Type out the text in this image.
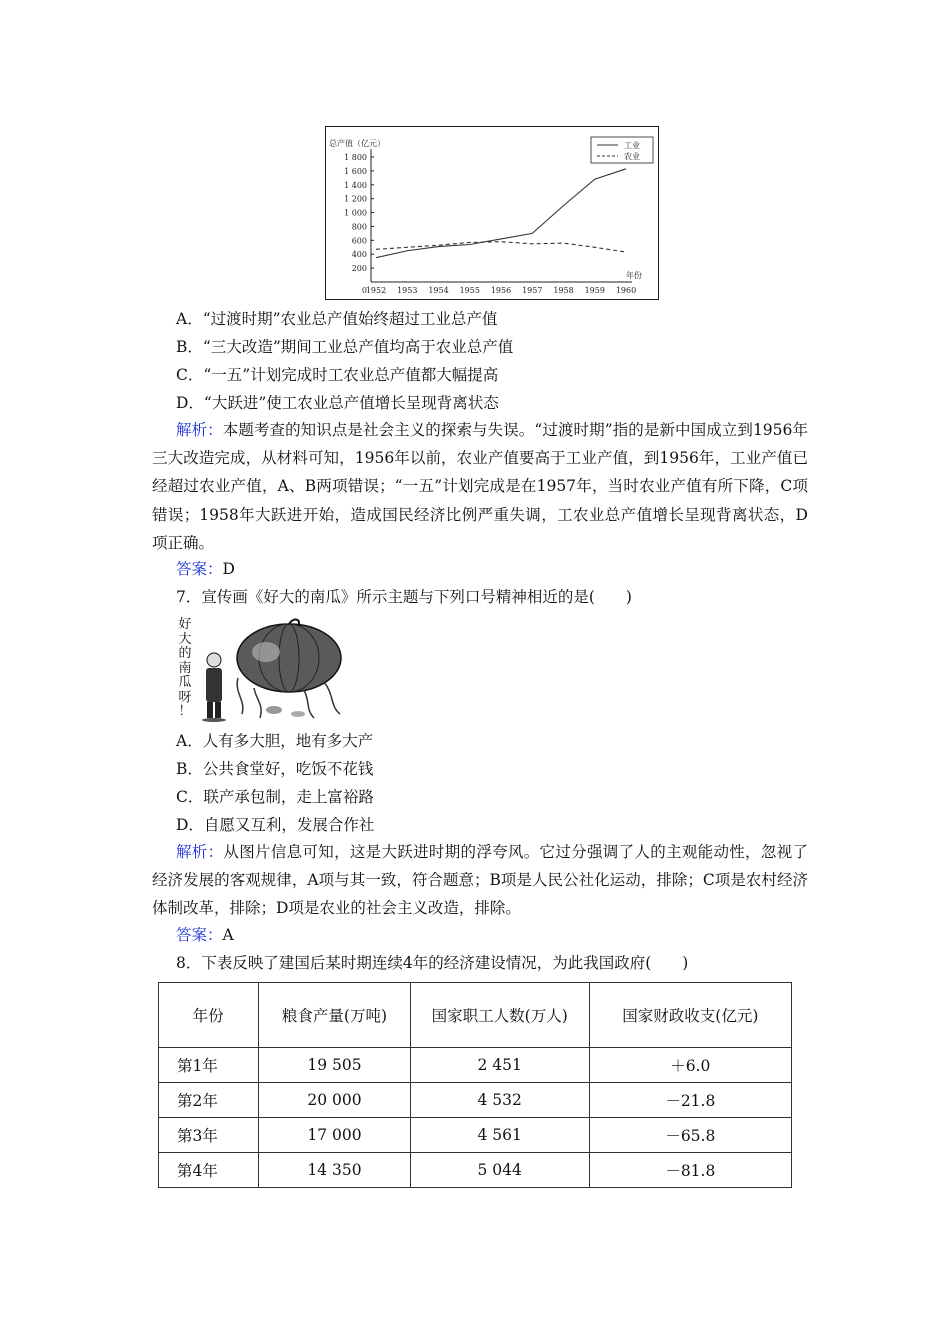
总产值（亿元）
1 800
1 600
1 400
1 200
1 000
800
600
400
200
0
1952 1953 1954 1955 1956 1957 1958 1959 1960
年份
工业
农业
A．“过渡时期”农业总产值始终超过工业总产值
B．“三大改造”期间工业总产值均高于农业总产值
C．“一五”计划完成时工农业总产值都大幅提高
D．“大跃进”使工农业总产值增长呈现背离状态
解析：本题考查的知识点是社会主义的探索与失误。“过渡时期”指的是新中国成立到1956年三大改造完成，从材料可知，1956年以前，农业产值要高于工业产值，到1956年，工业产值已经超过农业产值，A、B两项错误；“一五”计划完成是在1957年，当时农业产值有所下降，C项错误；1958年大跃进开始，造成国民经济比例严重失调，工农业总产值增长呈现背离状态，D项正确。
答案：D
7．宣传画《好大的南瓜》所示主题与下列口号精神相近的是(　　)
好
大
的
南
瓜
呀
！
A．人有多大胆，地有多大产
B．公共食堂好，吃饭不花钱
C．联产承包制，走上富裕路
D．自愿又互利，发展合作社
解析：从图片信息可知，这是大跃进时期的浮夸风。它过分强调了人的主观能动性，忽视了经济发展的客观规律，A项与其一致，符合题意；B项是人民公社化运动，排除；C项是农村经济体制改革，排除；D项是农业的社会主义改造，排除。
答案：A
8．下表反映了建国后某时期连续4年的经济建设情况，为此我国政府(　　)
年份	粮食产量(万吨)	国家职工人数(万人)	国家财政收支(亿元)
第1年	19 505	2 451	＋6.0
第2年	20 000	4 532	－21.8
第3年	17 000	4 561	－65.8
第4年	14 350	5 044	－81.8
